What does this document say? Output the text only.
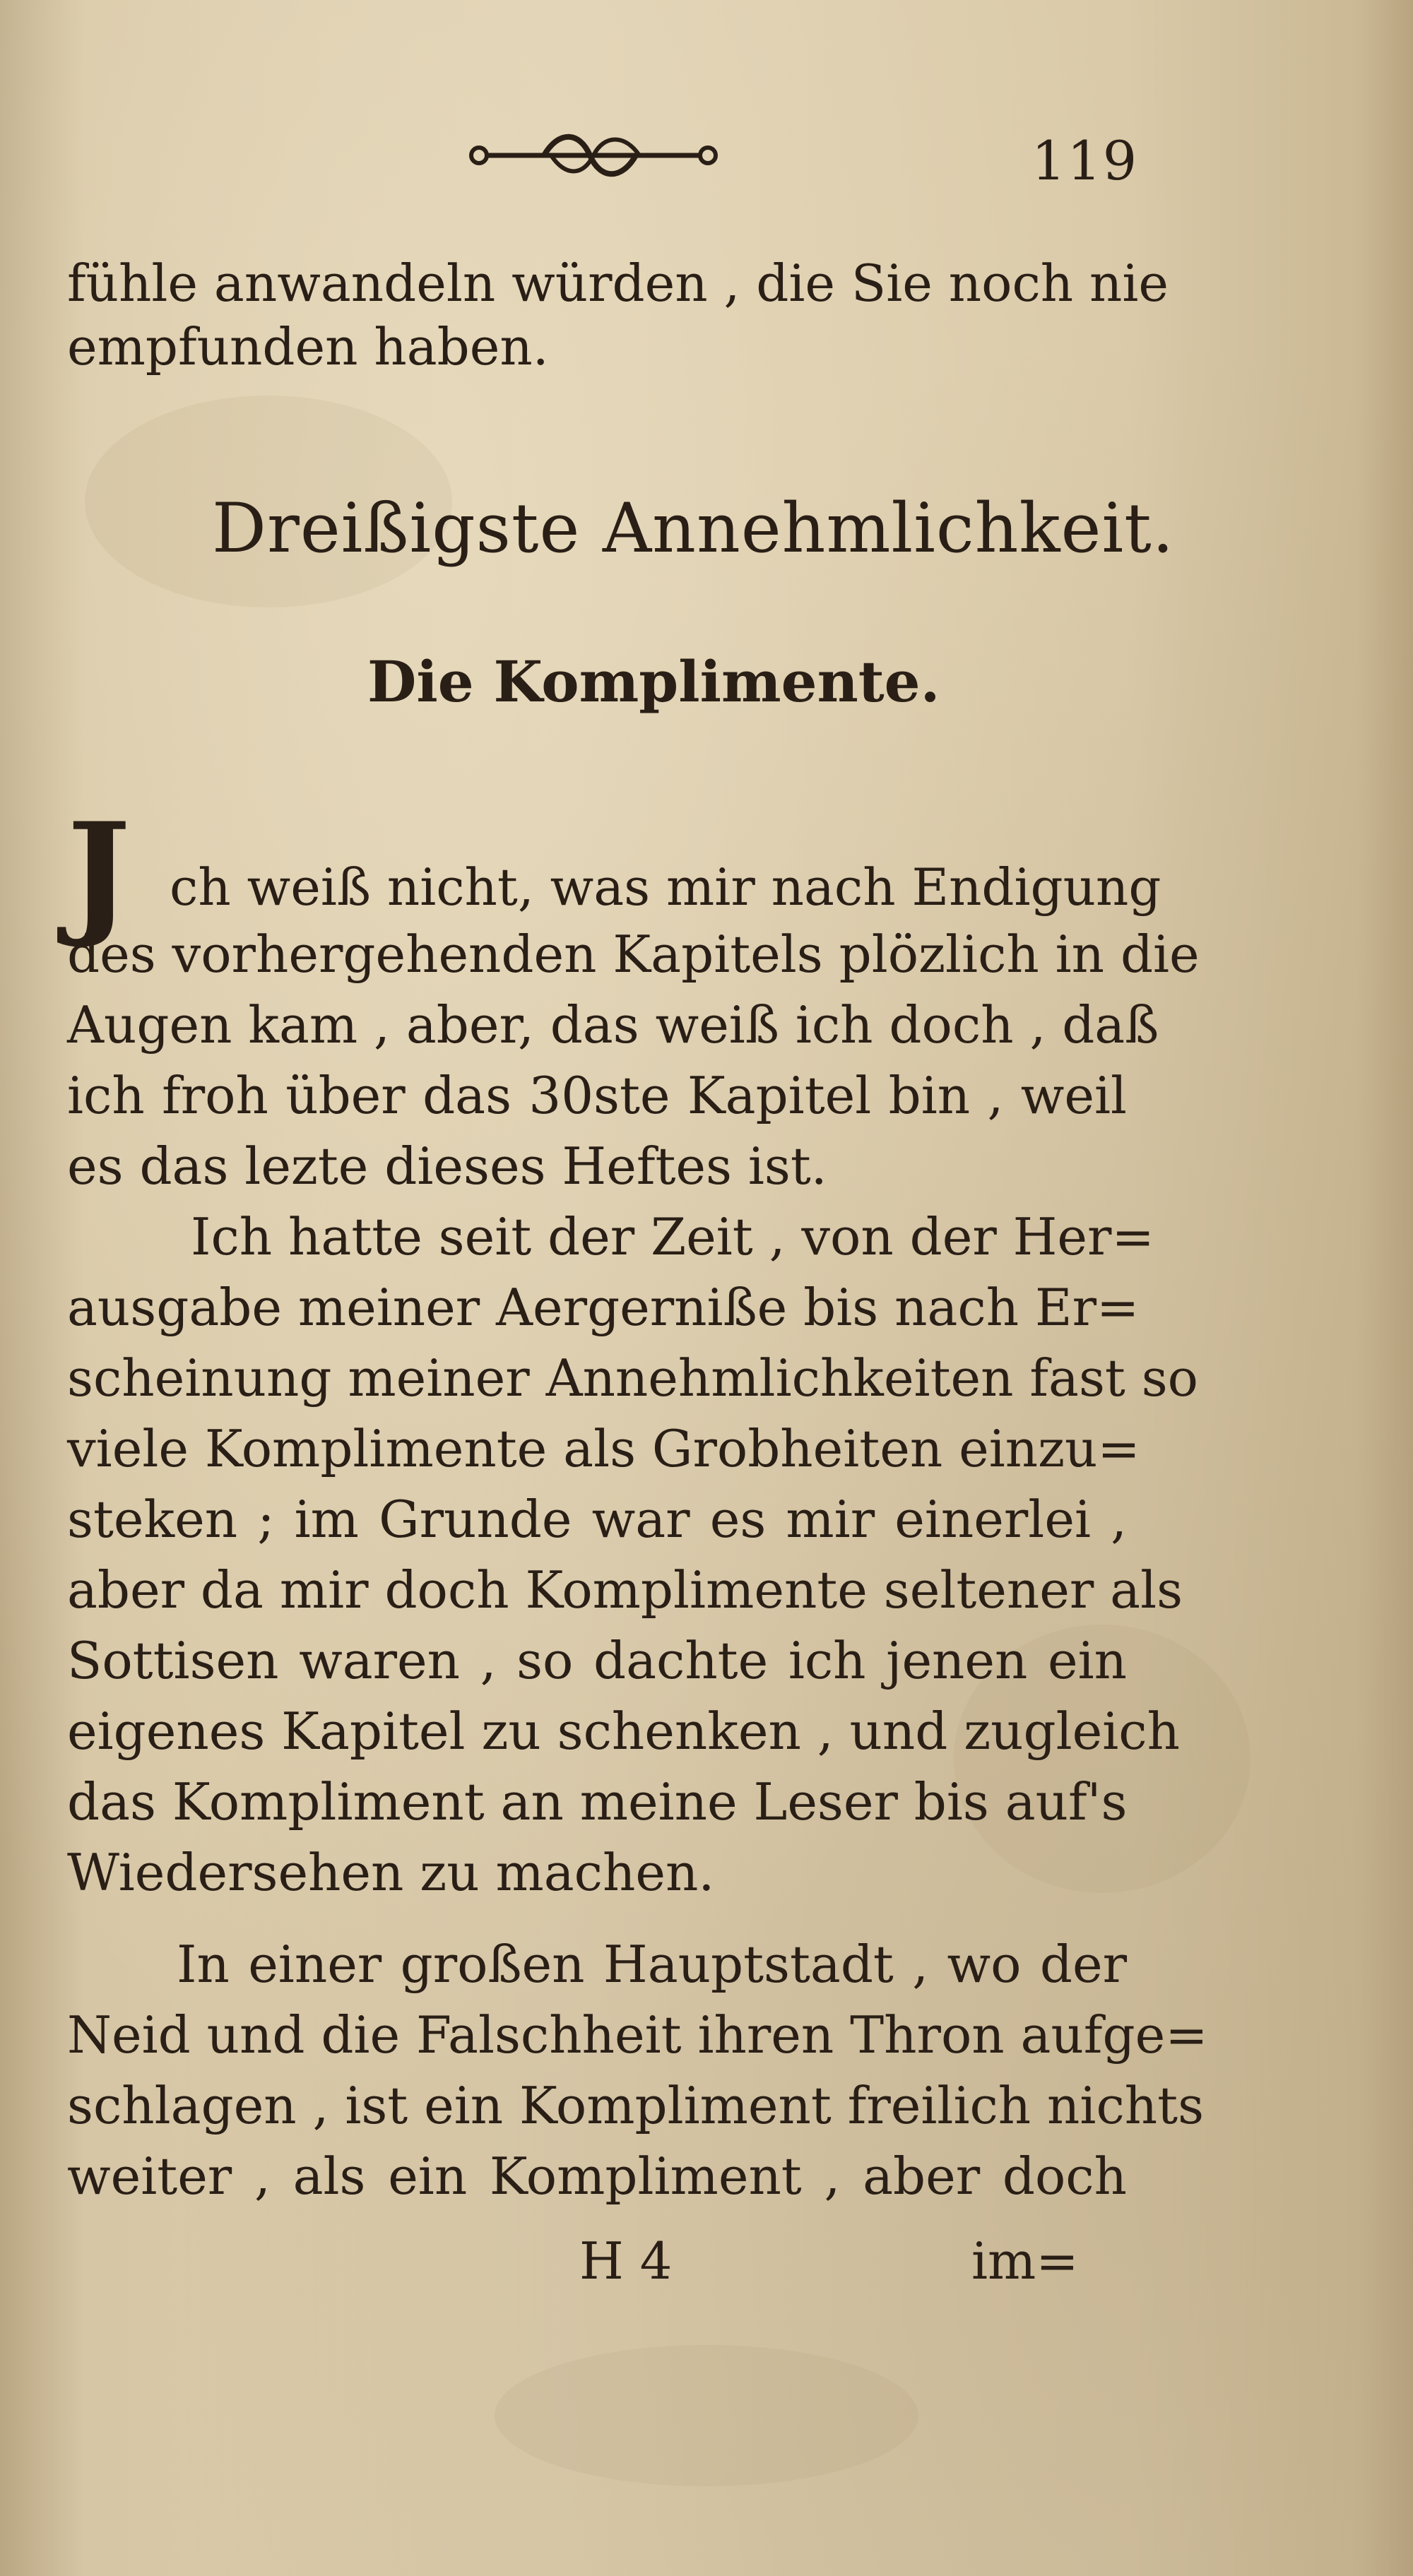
119
fühle anwandeln würden , die Sie noch nie
empfunden haben.
Dreißigste Annehmlichkeit.
Die Komplimente.
J ch weiß nicht, was mir nach Endigung
des vorhergehenden Kapitels plözlich in die
Augen kam , aber, das weiß ich doch , daß
ich froh über das 30ste Kapitel bin , weil
es das lezte dieses Heftes ist.
Ich hatte seit der Zeit , von der Her=
ausgabe meiner Aergerniße bis nach Er=
scheinung meiner Annehmlichkeiten fast so
viele Komplimente als Grobheiten einzu=
steken ; im Grunde war es mir einerlei ,
aber da mir doch Komplimente seltener als
Sottisen waren , so dachte ich jenen ein
eigenes Kapitel zu schenken , und zugleich
das Kompliment an meine Leser bis auf's
Wiedersehen zu machen.
In einer großen Hauptstadt , wo der
Neid und die Falschheit ihren Thron aufge=
schlagen , ist ein Kompliment freilich nichts
weiter , als ein Kompliment , aber doch
H 4	im=
